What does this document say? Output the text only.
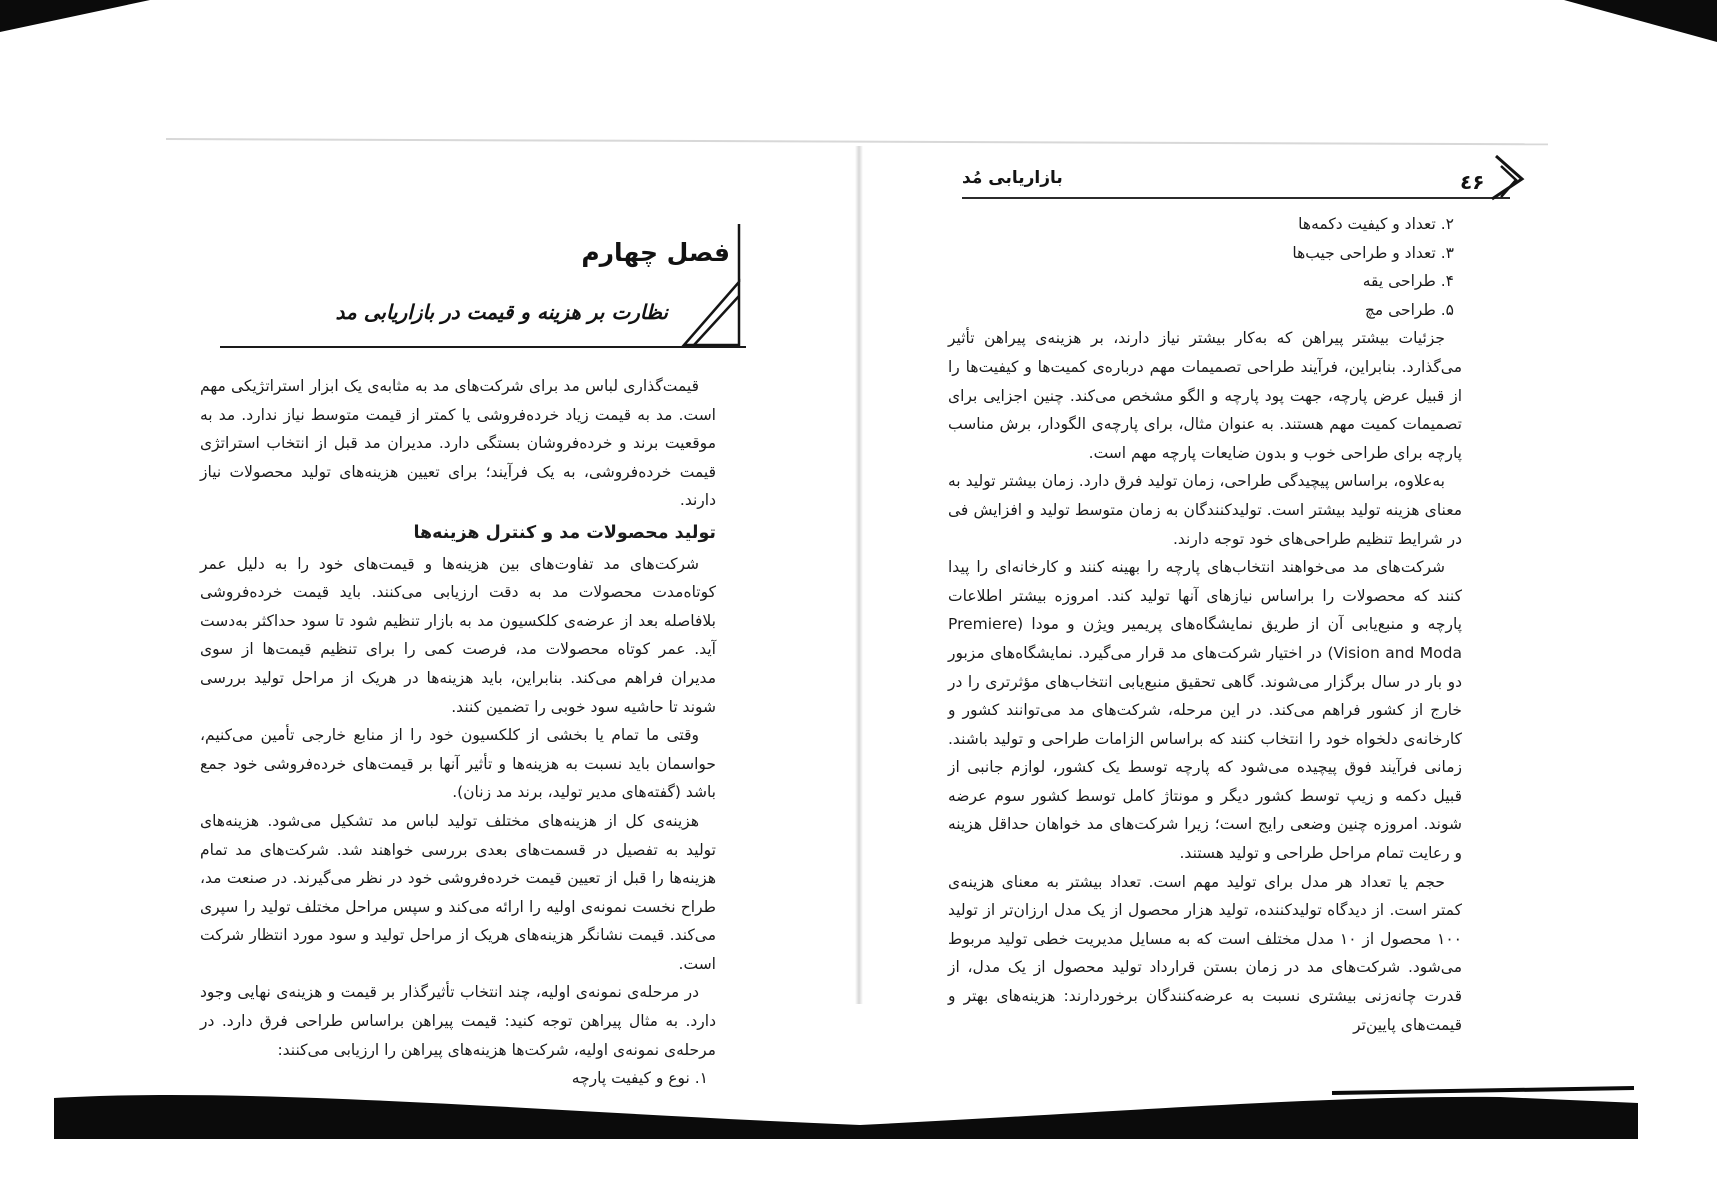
فصل چهارم
نظارت بر هزینه و قیمت در بازاریابی مد

قیمت‌گذاری لباس مد برای شرکت‌های مد به مثابه‌ی یک ابزار استراتژیکی مهم است. مد به قیمت زیاد خرده‌فروشی یا کمتر از قیمت متوسط نیاز ندارد. مد به موقعیت برند و خرده‌فروشان بستگی دارد. مدیران مد قبل از انتخاب استراتژی قیمت خرده‌فروشی، به یک فرآیند؛ برای تعیین هزینه‌های تولید محصولات نیاز دارند.

تولید محصولات مد و کنترل هزینه‌ها

شرکت‌های مد تفاوت‌های بین هزینه‌ها و قیمت‌های خود را به دلیل عمر کوتاه‌مدت محصولات مد به دقت ارزیابی می‌کنند. باید قیمت خرده‌فروشی بلافاصله بعد از عرضه‌ی کلکسیون مد به بازار تنظیم شود تا سود حداکثر به‌دست آید. عمر کوتاه محصولات مد، فرصت کمی را برای تنظیم قیمت‌ها از سوی مدیران فراهم می‌کند. بنابراین، باید هزینه‌ها در هریک از مراحل تولید بررسی شوند تا حاشیه سود خوبی را تضمین کنند.

وقتی ما تمام یا بخشی از کلکسیون خود را از منابع خارجی تأمین می‌کنیم، حواسمان باید نسبت به هزینه‌ها و تأثیر آنها بر قیمت‌های خرده‌فروشی خود جمع باشد (گفته‌های مدیر تولید، برند مد زنان).

هزینه‌ی کل از هزینه‌های مختلف تولید لباس مد تشکیل می‌شود. هزینه‌های تولید به تفصیل در قسمت‌های بعدی بررسی خواهند شد. شرکت‌های مد تمام هزینه‌ها را قبل از تعیین قیمت خرده‌فروشی خود در نظر می‌گیرند. در صنعت مد، طراح نخست نمونه‌ی اولیه را ارائه می‌کند و سپس مراحل مختلف تولید را سپری می‌کند. قیمت نشانگر هزینه‌های هریک از مراحل تولید و سود مورد انتظار شرکت است.

در مرحله‌ی نمونه‌ی اولیه، چند انتخاب تأثیرگذار بر قیمت و هزینه‌ی نهایی وجود دارد. به مثال پیراهن توجه کنید: قیمت پیراهن براساس طراحی فرق دارد. در مرحله‌ی نمونه‌ی اولیه، شرکت‌ها هزینه‌های پیراهن را ارزیابی می‌کنند:

١. نوع و کیفیت پارچه

بازاریابی مُد	٤۶

٢. تعداد و کیفیت دکمه‌ها

٣. تعداد و طراحی جیب‌ها

۴. طراحی یقه

۵. طراحی مچ

جزئیات بیشتر پیراهن که به‌کار بیشتر نیاز دارند، بر هزینه‌ی پیراهن تأثیر می‌گذارد. بنابراین، فرآیند طراحی تصمیمات مهم درباره‌ی کمیت‌ها و کیفیت‌ها را از قبیل عرض پارچه، جهت پود پارچه و الگو مشخص می‌کند. چنین اجزایی برای تصمیمات کمیت مهم هستند. به عنوان مثال، برای پارچه‌ی الگودار، برش مناسب پارچه برای طراحی خوب و بدون ضایعات پارچه مهم است.

به‌علاوه، براساس پیچیدگی طراحی، زمان تولید فرق دارد. زمان بیشتر تولید به معنای هزینه تولید بیشتر است. تولیدکنندگان به زمان متوسط تولید و افزایش فی در شرایط تنظیم طراحی‌های خود توجه دارند.

شرکت‌های مد می‌خواهند انتخاب‌های پارچه را بهینه کنند و کارخانه‌ای را پیدا کنند که محصولات را براساس نیازهای آنها تولید کند. امروزه بیشتر اطلاعات پارچه و منبع‌یابی آن از طریق نمایشگاه‌های پریمیر ویژن و مودا (Premiere Vision and Moda) در اختیار شرکت‌های مد قرار می‌گیرد. نمایشگاه‌های مزبور دو بار در سال برگزار می‌شوند. گاهی تحقیق منبع‌یابی انتخاب‌های مؤثرتری را در خارج از کشور فراهم می‌کند. در این مرحله، شرکت‌های مد می‌توانند کشور و کارخانه‌ی دلخواه خود را انتخاب کنند که براساس الزامات طراحی و تولید باشند. زمانی فرآیند فوق پیچیده می‌شود که پارچه توسط یک کشور، لوازم جانبی از قبیل دکمه و زیپ توسط کشور دیگر و مونتاژ کامل توسط کشور سوم عرضه شوند. امروزه چنین وضعی رایج است؛ زیرا شرکت‌های مد خواهان حداقل هزینه و رعایت تمام مراحل طراحی و تولید هستند.

حجم یا تعداد هر مدل برای تولید مهم است. تعداد بیشتر به معنای هزینه‌ی کمتر است. از دیدگاه تولیدکننده، تولید هزار محصول از یک مدل ارزان‌تر از تولید ۱۰۰ محصول از ۱۰ مدل مختلف است که به مسایل مدیریت خطی تولید مربوط می‌شود. شرکت‌های مد در زمان بستن قرارداد تولید محصول از یک مدل، از قدرت چانه‌زنی بیشتری نسبت به عرضه‌کنندگان برخوردارند: هزینه‌های بهتر و قیمت‌های پایین‌تر
